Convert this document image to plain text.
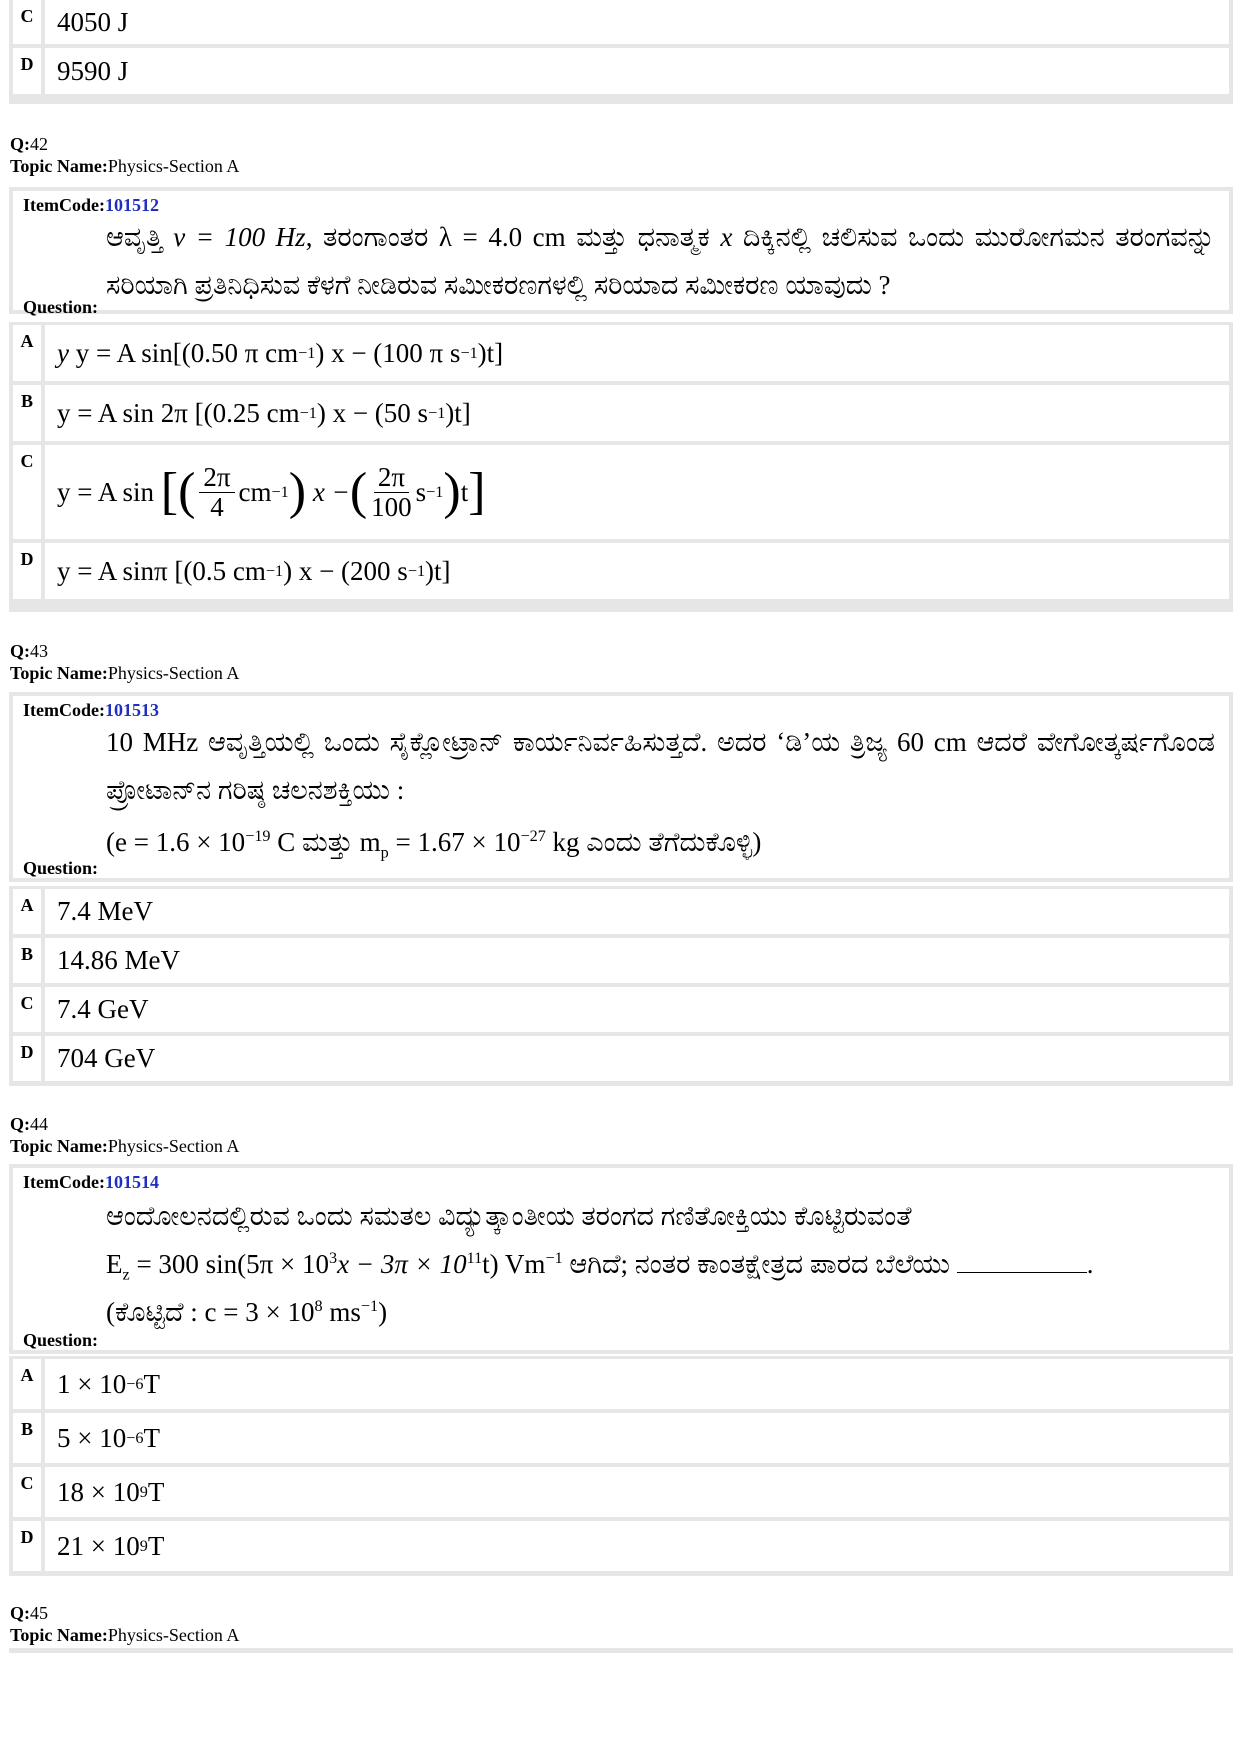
C 4050 J
D 9590 J
Q:42
Topic Name:Physics-Section A
ItemCode:101512
ಆವೃತ್ತಿ ν = 100 Hz, ತರಂಗಾಂತರ λ = 4.0 cm ಮತ್ತು ಧನಾತ್ಮಕ x ದಿಕ್ಕಿನಲ್ಲಿ ಚಲಿಸುವ ಒಂದು ಮುರೋಗಮನ ತರಂಗವನ್ನು ಸರಿಯಾಗಿ ಪ್ರತಿನಿಧಿಸುವ ಕೆಳಗೆ ನೀಡಿರುವ ಸಮೀಕರಣಗಳಲ್ಲಿ ಸರಿಯಾದ ಸಮೀಕರಣ ಯಾವುದು ?
Question:
A y
y = A sin[(0.50 π cm −1 ) x − (100 π s −1 )t]
B y = A sin 2π [(0.25 cm −1 ) x − (50 s −1 )t]
C
y = A sin
[( $\frac{2\pi}{4}$ cm −1 )
x − ( $\frac{2\pi}{100}$ s −1 ) t ]
D y = A sinπ [(0.5 cm −1 ) x − (200 s −1 )t]
Q:43
Topic Name:Physics-Section A
ItemCode:101513
10 MHz ಆವೃತ್ತಿಯಲ್ಲಿ ಒಂದು ಸೈಕ್ಲೋಟ್ರಾನ್ ಕಾರ್ಯನಿರ್ವಹಿಸುತ್ತದೆ. ಅದರ ‘ಡಿ’ಯ ತ್ರಿಜ್ಯ 60 cm ಆದರೆ ವೇಗೋತ್ಕರ್ಷಗೊಂಡ ಪ್ರೋಟಾನ್‌ನ ಗರಿಷ್ಠ ಚಲನಶಕ್ತಿಯು :
($e = 1.6 \times 10^{-19}$ C ಮತ್ತು $m_p = 1.67 \times 10^{-27}$ kg ಎಂದು ತೆಗೆದುಕೊಳ್ಳಿ)
Question:
A 7.4 MeV
B 14.86 MeV
C 7.4 GeV
D 704 GeV
Q:44
Topic Name:Physics-Section A
ItemCode:101514
ಆಂದೋಲನದಲ್ಲಿರುವ ಒಂದು ಸಮತಲ ವಿದ್ಯುತ್ಕಾಂತೀಯ ತರಂಗದ ಗಣಿತೋಕ್ತಿಯು ಕೊಟ್ಟಿರುವಂತೆ
$E_z = 300$ $\sin(5\pi \times 10^3x - 3\pi \times 10^{11}t)$ $Vm^{-1}$ ಆಗಿದೆ; ನಂತರ ಕಾಂತಕ್ಷೇತ್ರದ ಪಾರದ ಬೆಲೆಯು	.
(ಕೊಟ್ಟಿದೆ : $c = 3 \times 10^8$ $ms^{-1}$)
Question:
A 1 × 10 −6 T
B 5 × 10 −6 T
C 18 × 10 9 T
D 21 × 10 9 T
Q:45
Topic Name:Physics-Section A
